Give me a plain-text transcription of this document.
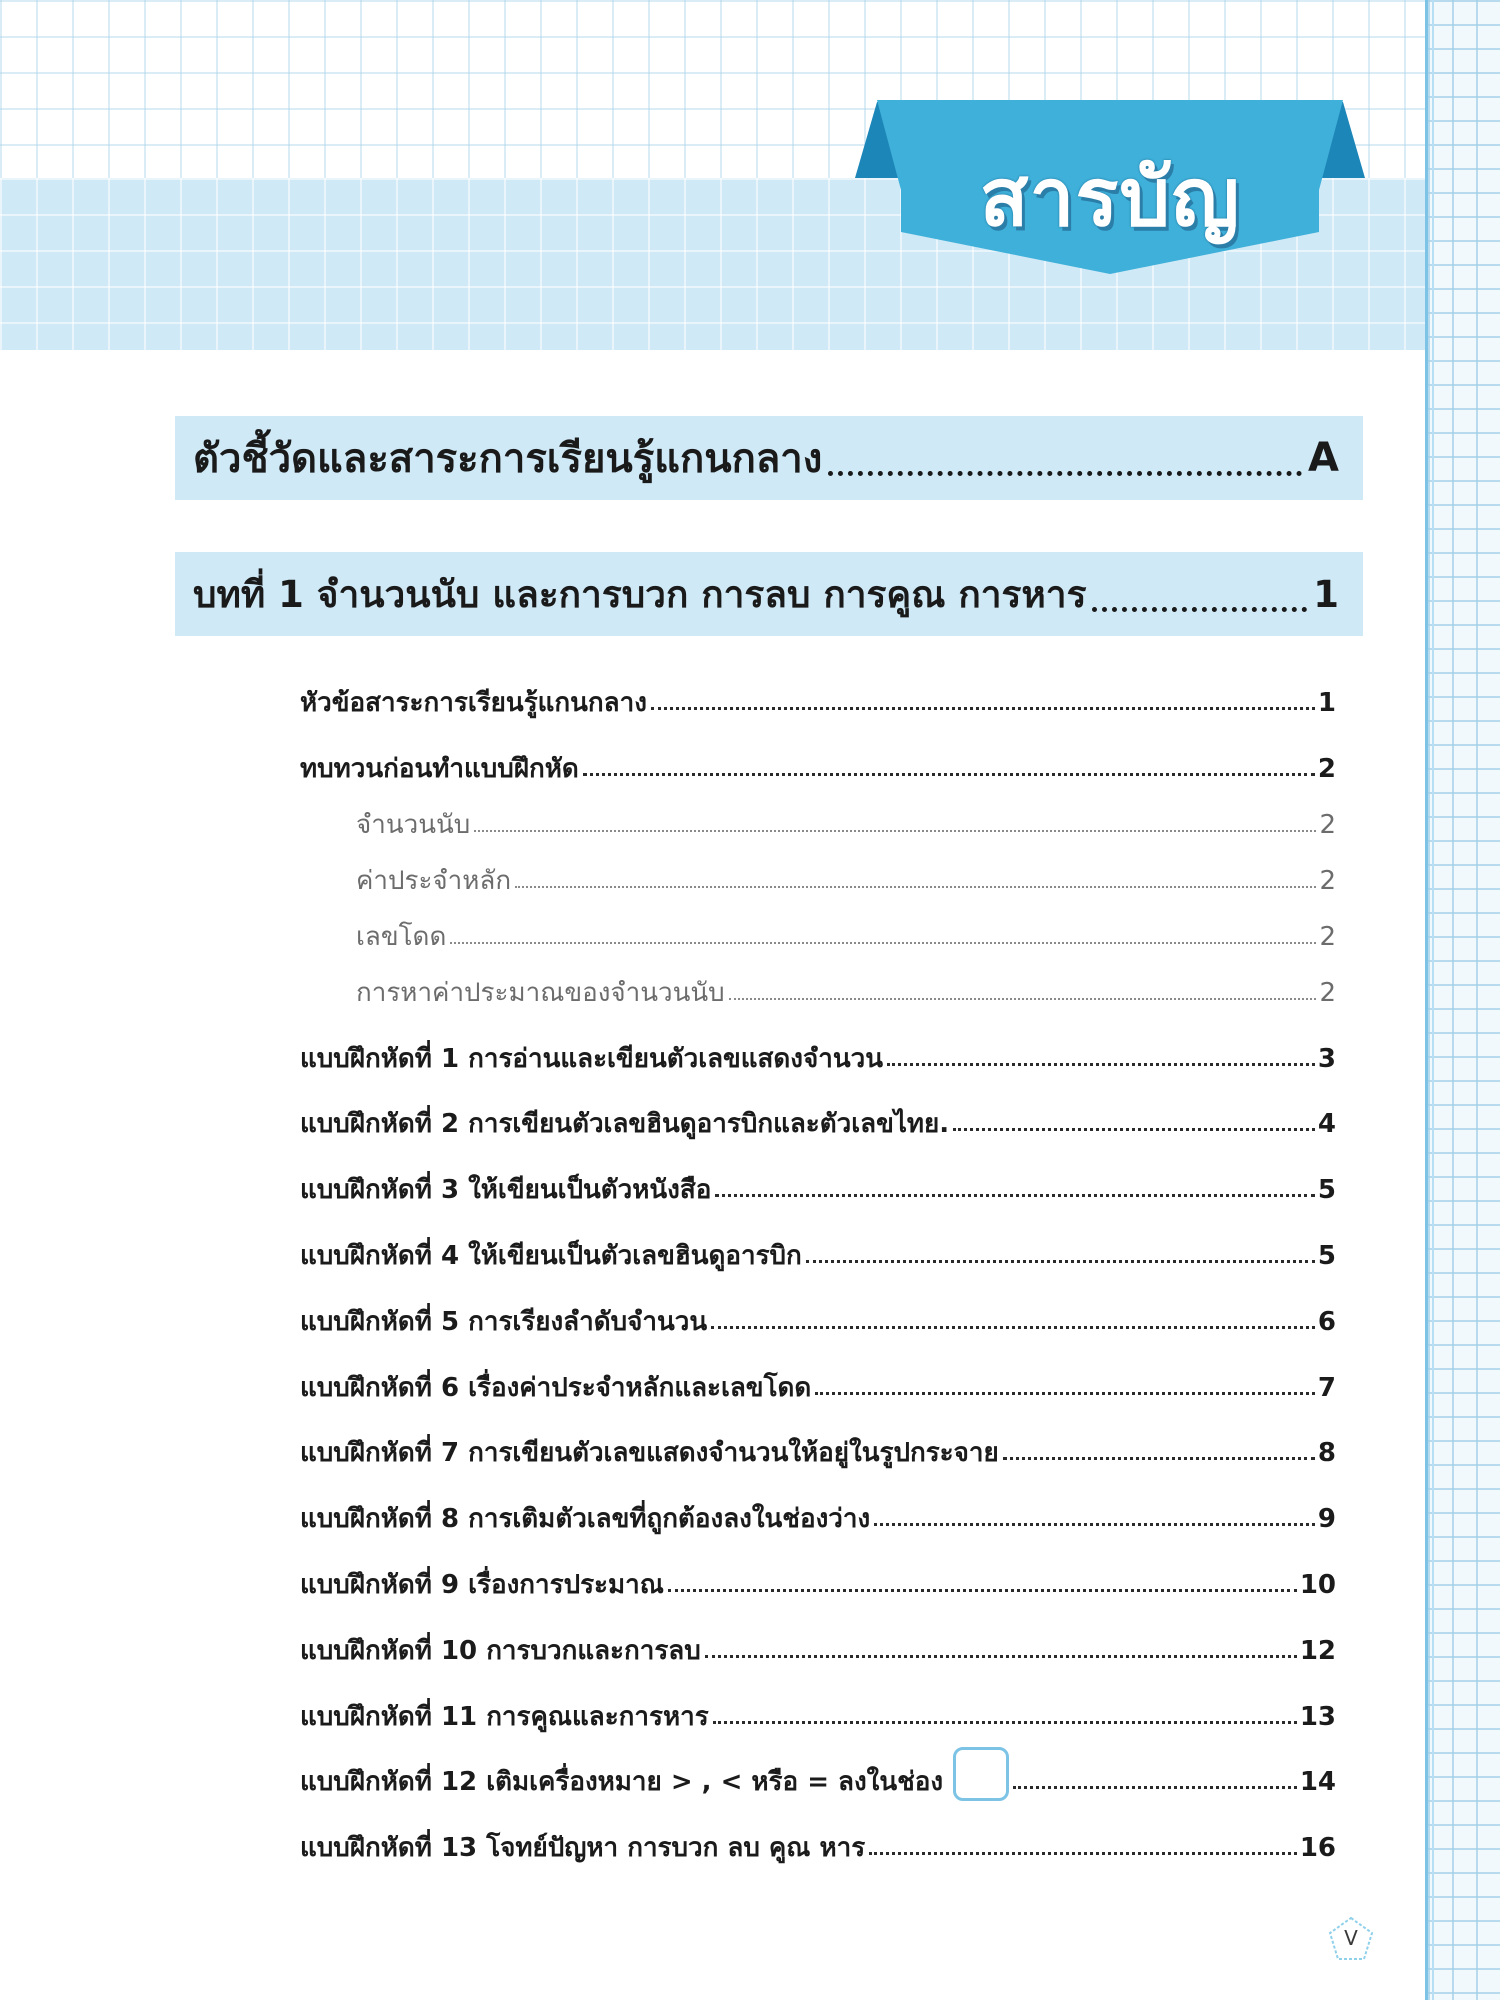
สารบัญ
ตัวชี้วัดและสาระการเรียนรู้แกนกลาง	A
บทที่ 1 จำนวนนับ และการบวก การลบ การคูณ การหาร	1
หัวข้อสาระการเรียนรู้แกนกลาง	1
ทบทวนก่อนทำแบบฝึกหัด	2
จำนวนนับ	2
ค่าประจำหลัก	2
เลขโดด	2
การหาค่าประมาณของจำนวนนับ	2
แบบฝึกหัดที่ 1 การอ่านและเขียนตัวเลขแสดงจำนวน	3
แบบฝึกหัดที่ 2 การเขียนตัวเลขฮินดูอารบิกและตัวเลขไทย.	4
แบบฝึกหัดที่ 3 ให้เขียนเป็นตัวหนังสือ	5
แบบฝึกหัดที่ 4 ให้เขียนเป็นตัวเลขฮินดูอารบิก	5
แบบฝึกหัดที่ 5 การเรียงลำดับจำนวน	6
แบบฝึกหัดที่ 6 เรื่องค่าประจำหลักและเลขโดด	7
แบบฝึกหัดที่ 7 การเขียนตัวเลขแสดงจำนวนให้อยู่ในรูปกระจาย	8
แบบฝึกหัดที่ 8 การเติมตัวเลขที่ถูกต้องลงในช่องว่าง	9
แบบฝึกหัดที่ 9 เรื่องการประมาณ	10
แบบฝึกหัดที่ 10 การบวกและการลบ	12
แบบฝึกหัดที่ 11 การคูณและการหาร	13
แบบฝึกหัดที่ 12 เติมเครื่องหมาย > , < หรือ = ลงในช่อง	14
แบบฝึกหัดที่ 13 โจทย์ปัญหา การบวก ลบ คูณ หาร	16
V
